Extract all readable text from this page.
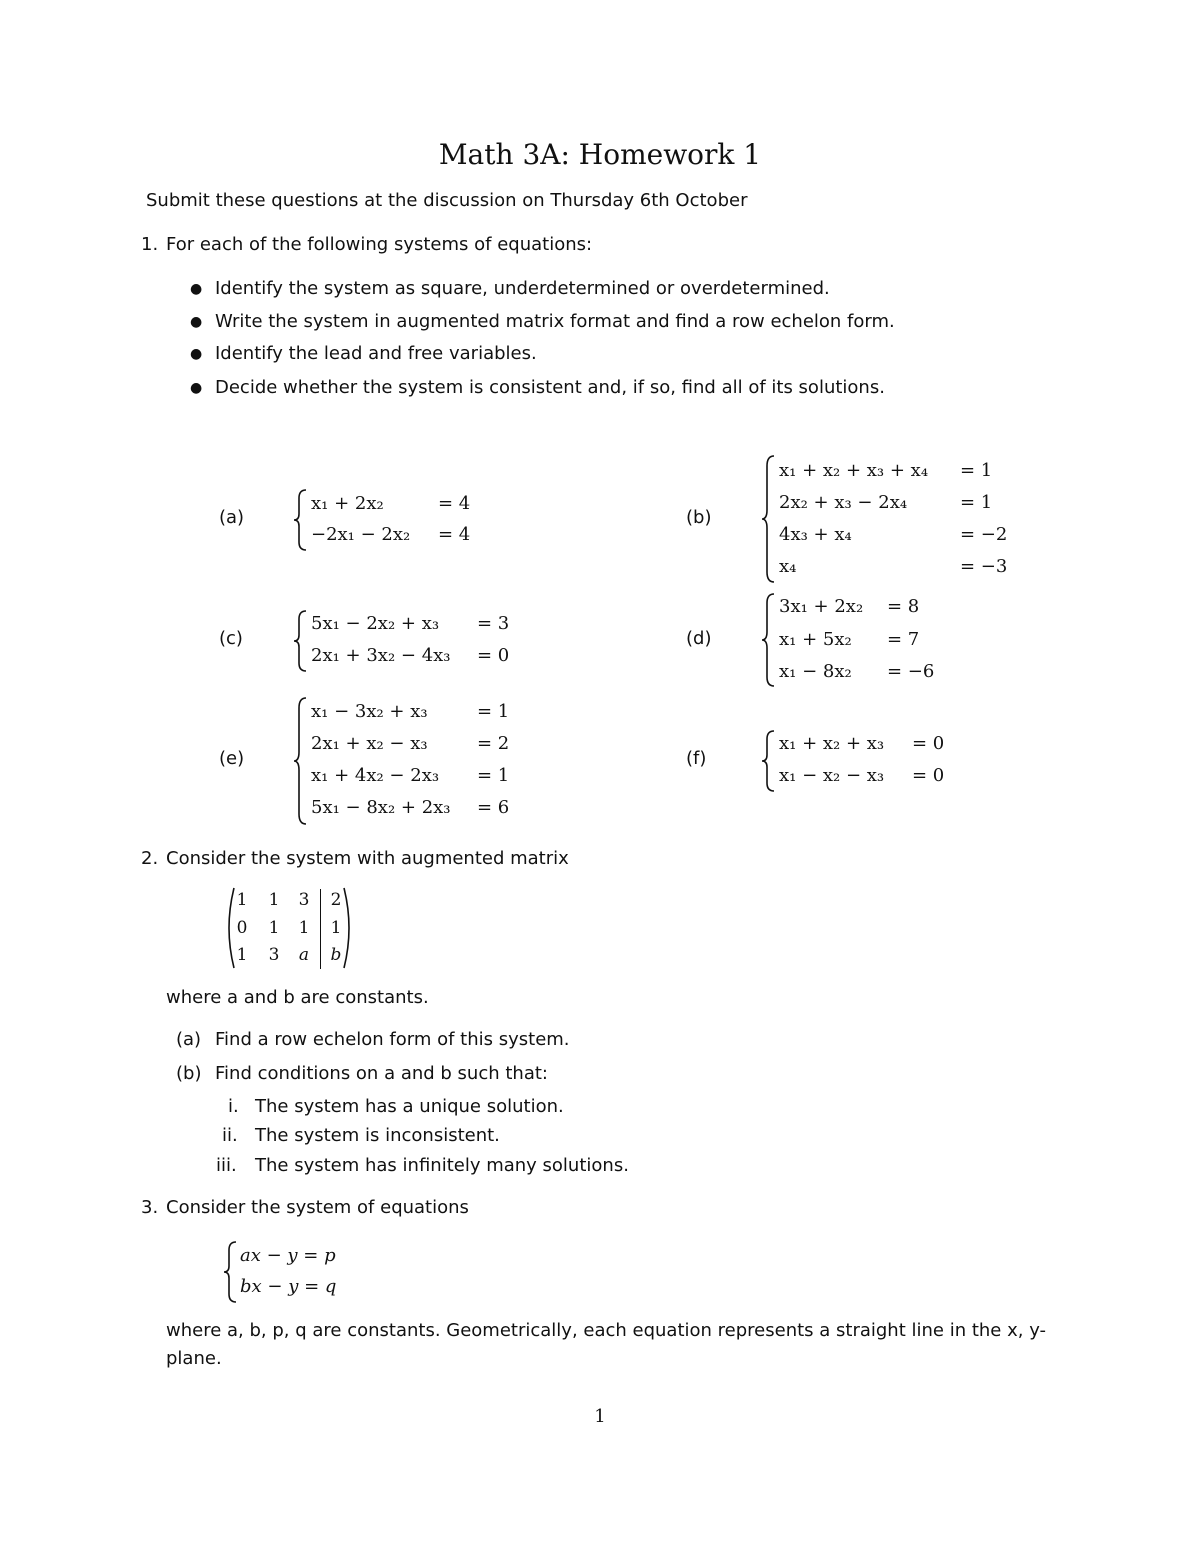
Math 3A: Homework 1
Submit these questions at the discussion on Thursday 6th October
1. For each of the following systems of equations:
● Identify the system as square, underdetermined or overdetermined.
● Write the system in augmented matrix format and find a row echelon form.
● Identify the lead and free variables.
● Decide whether the system is consistent and, if so, find all of its solutions.
(a)
x₁ + 2x₂	= 4
−2x₁ − 2x₂ = 4
(b)
x₁ + x₂ + x₃ + x₄ = 1
2x₂ + x₃ − 2x₄	= 1
4x₃ + x₄	= −2
x₄	= −3
(c)
5x₁ − 2x₂ + x₃ = 3
2x₁ + 3x₂ − 4x₃ = 0
(d)
3x₁ + 2x₂ = 8
x₁ + 5x₂ = 7
x₁ − 8x₂ = −6
(e)
x₁ − 3x₂ + x₃	= 1
2x₁ + x₂ − x₃	= 2
x₁ + 4x₂ − 2x₃ = 1
5x₁ − 8x₂ + 2x₃ = 6
(f)
x₁ + x₂ + x₃ = 0
x₁ − x₂ − x₃ = 0
2. Consider the system with augmented matrix
1	1	3	2
0	1	1	1
1	3	a	b
where a and b are constants.
(a) Find a row echelon form of this system.
(b) Find conditions on a and b such that:
i. The system has a unique solution.
ii. The system is inconsistent.
iii. The system has infinitely many solutions.
3. Consider the system of equations
ax − y = p
bx − y = q
where a, b, p, q are constants. Geometrically, each equation represents a straight line in the x, y-
plane.
1
